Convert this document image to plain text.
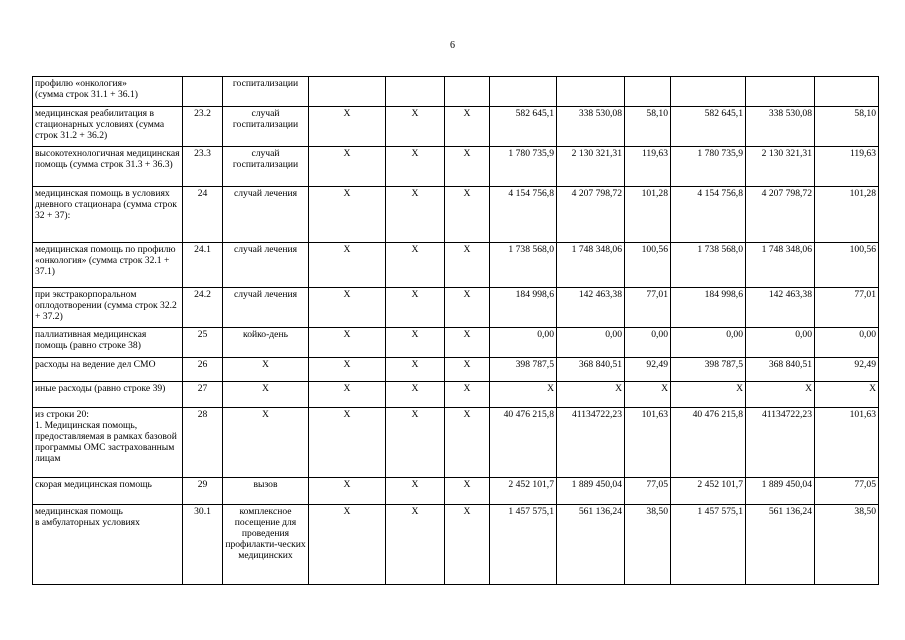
6
профилю «онкология»
(сумма строк 31.1 + 36.1)		госпитализации									
медицинская реабилитация в стационарных условиях (сумма строк 31.2 + 36.2)	23.2	случай госпитализации	X	X	X	582 645,1	338 530,08	58,10	582 645,1	338 530,08	58,10
высокотехнологичная медицинская помощь (сумма строк 31.3 + 36.3)	23.3	случай госпитализации	X	X	X	1 780 735,9	2 130 321,31	119,63	1 780 735,9	2 130 321,31	119,63
медицинская помощь в условиях дневного стационара (сумма строк 32 + 37):	24	случай лечения	X	X	X	4 154 756,8	4 207 798,72	101,28	4 154 756,8	4 207 798,72	101,28
медицинская помощь по профилю «онкология» (сумма строк 32.1 + 37.1)	24.1	случай лечения	X	X	X	1 738 568,0	1 748 348,06	100,56	1 738 568,0	1 748 348,06	100,56
при экстракорпоральном оплодотворении (сумма строк 32.2 + 37.2)	24.2	случай лечения	X	X	X	184 998,6	142 463,38	77,01	184 998,6	142 463,38	77,01
паллиативная медицинская помощь (равно строке 38)	25	койко-день	X	X	X	0,00	0,00	0,00	0,00	0,00	0,00
расходы на ведение дел СМО	26	X	X	X	X	398 787,5	368 840,51	92,49	398 787,5	368 840,51	92,49
иные расходы (равно строке 39)	27	X	X	X	X	X	X	X	X	X	X
из строки 20:
1. Медицинская помощь, предоставляемая в рамках базовой программы ОМС застрахованным лицам	28	X	X	X	X	40 476 215,8	41134722,23	101,63	40 476 215,8	41134722,23	101,63
скорая медицинская помощь	29	вызов	X	X	X	2 452 101,7	1 889 450,04	77,05	2 452 101,7	1 889 450,04	77,05
медицинская помощь
в амбулаторных условиях	30.1	комплексное посещение для проведения профилакти-ческих медицинских	X	X	X	1 457 575,1	561 136,24	38,50	1 457 575,1	561 136,24	38,50
